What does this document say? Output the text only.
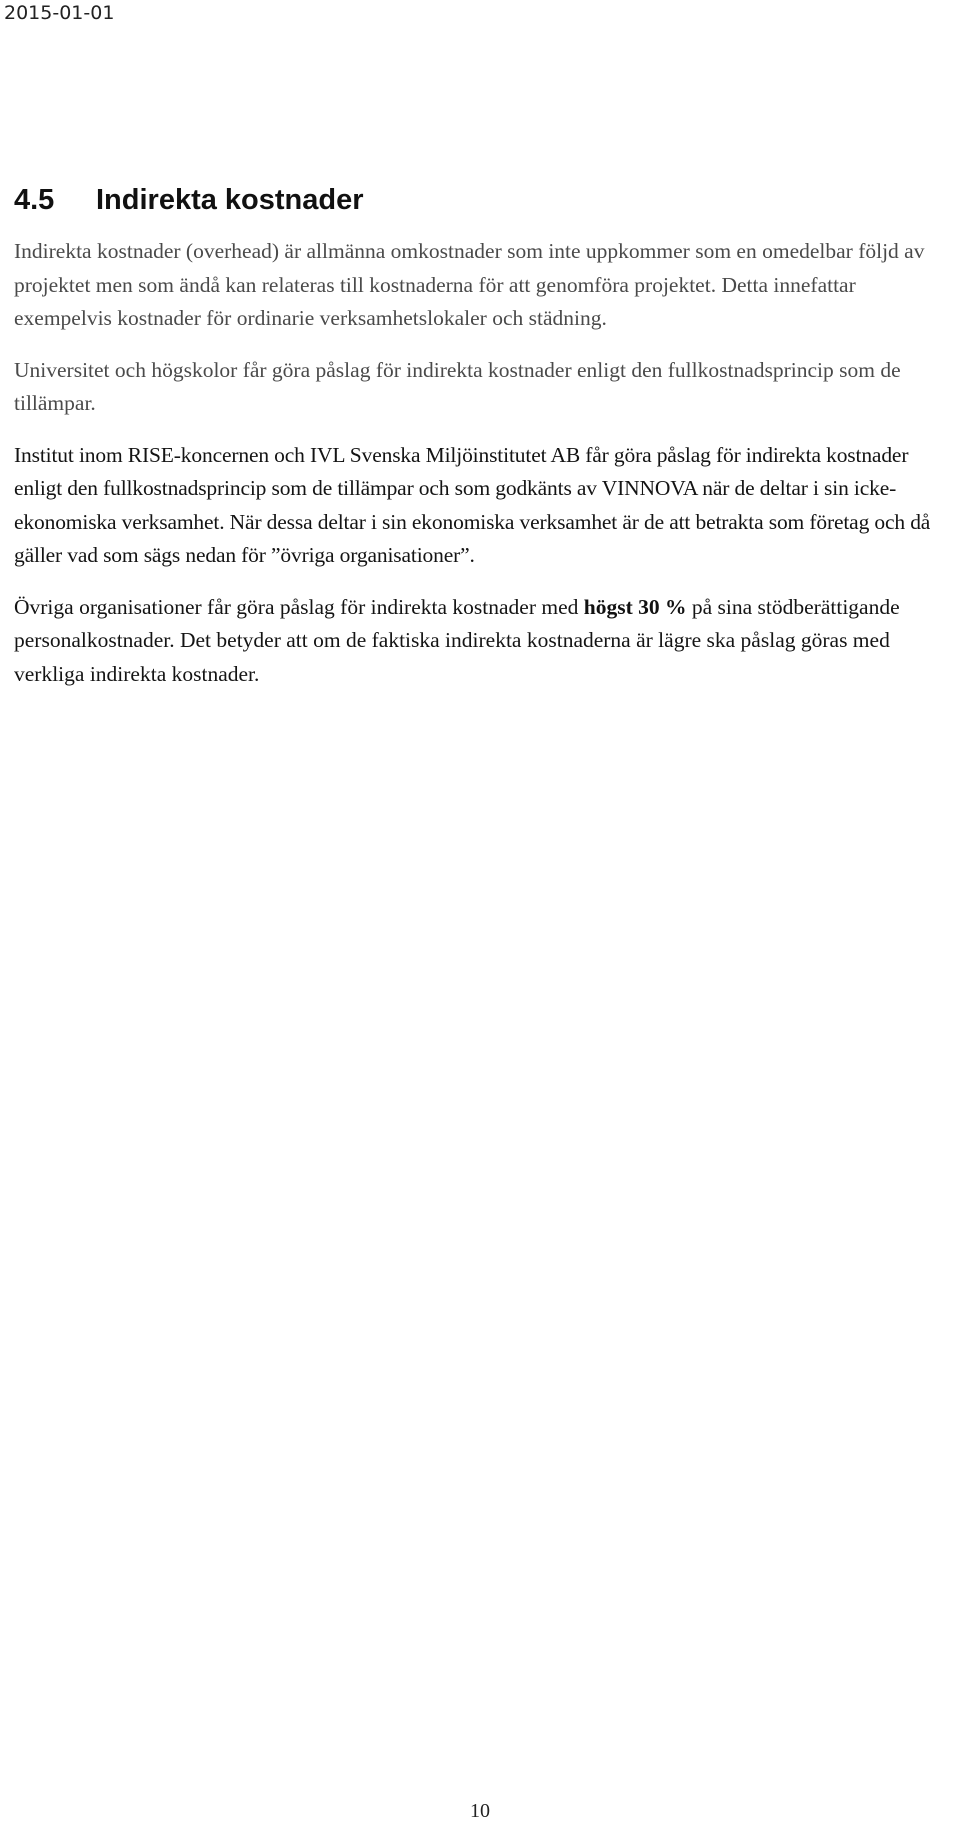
2015-01-01
4.5 Indirekta kostnader

Indirekta kostnader (overhead) är allmänna omkostnader som inte uppkommer som en omedelbar följd av projektet men som ändå kan relateras till kostnaderna för att genomföra projektet. Detta innefattar exempelvis kostnader för ordinarie verksamhetslokaler och städning.

Universitet och högskolor får göra påslag för indirekta kostnader enligt den fullkostnadsprincip som de tillämpar.

Institut inom RISE-koncernen och IVL Svenska Miljöinstitutet AB får göra påslag för indirekta kostnader enligt den fullkostnadsprincip som de tillämpar och som godkänts av VINNOVA när de deltar i sin icke-ekonomiska verksamhet. När dessa deltar i sin ekonomiska verksamhet är de att betrakta som företag och då gäller vad som sägs nedan för ”övriga organisationer”.

Övriga organisationer får göra påslag för indirekta kostnader med högst 30 % på sina stödberättigande personalkostnader. Det betyder att om de faktiska indirekta kostnaderna är lägre ska påslag göras med verkliga indirekta kostnader.

10
